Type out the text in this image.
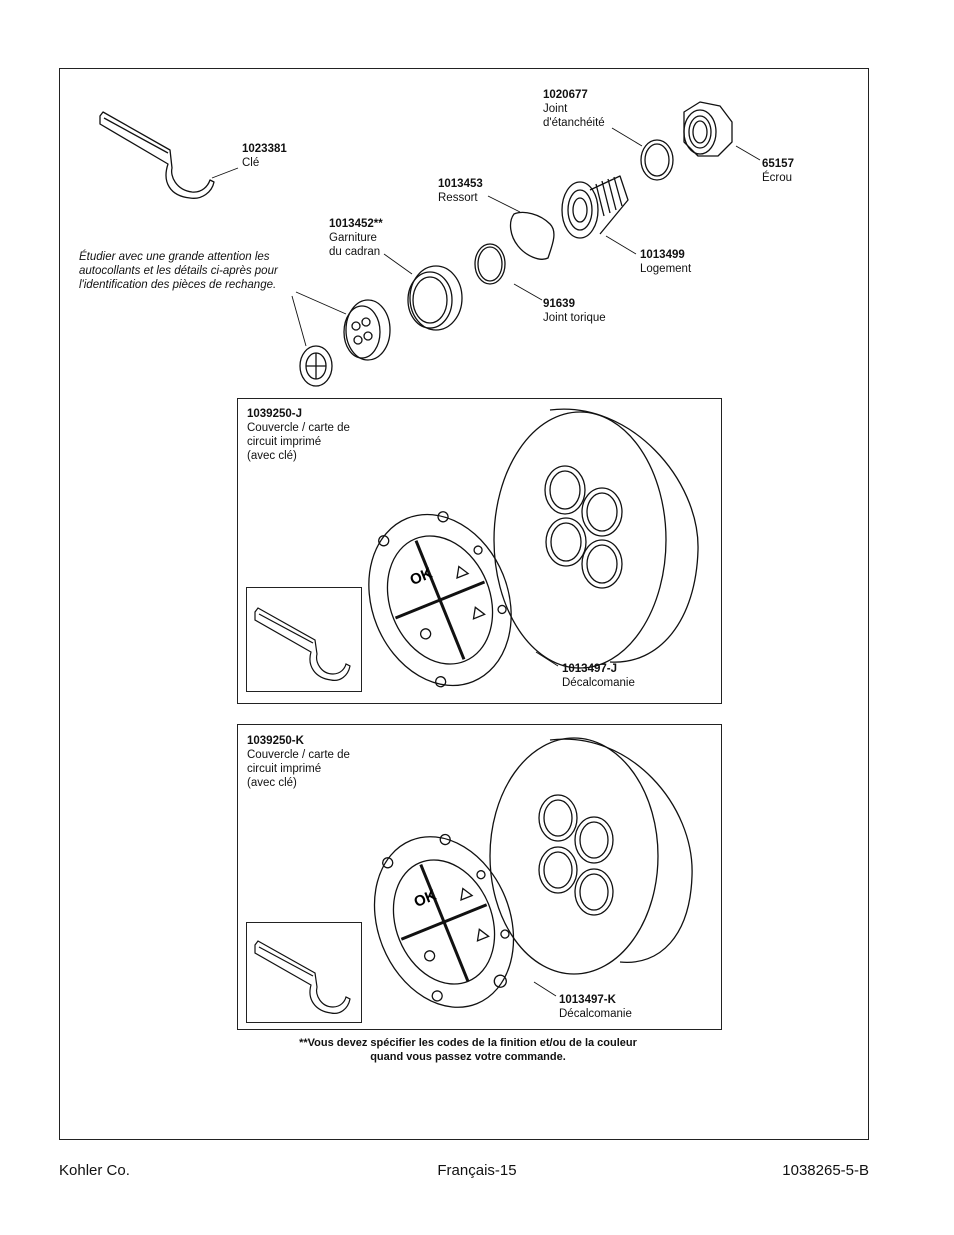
1023381
Clé
1020677
Joint
d'étanchéité
65157
Écrou
1013453
Ressort
1013452**
Garniture
du cadran	1013499
Logement
91639
Joint torique
Étudier avec une grande attention les
autocollants et les détails ci-après pour
l'identification des pièces de rechange.
1039250-J
Couvercle / carte de
circuit imprimé
(avec clé)
OK
1013497-J
Décalcomanie
1039250-K
Couvercle / carte de
circuit imprimé
(avec clé)
OK
1013497-K
Décalcomanie
**Vous devez spécifier les codes de la finition et/ou de la couleur
quand vous passez votre commande.
Kohler Co.	Français-15	1038265-5-B
